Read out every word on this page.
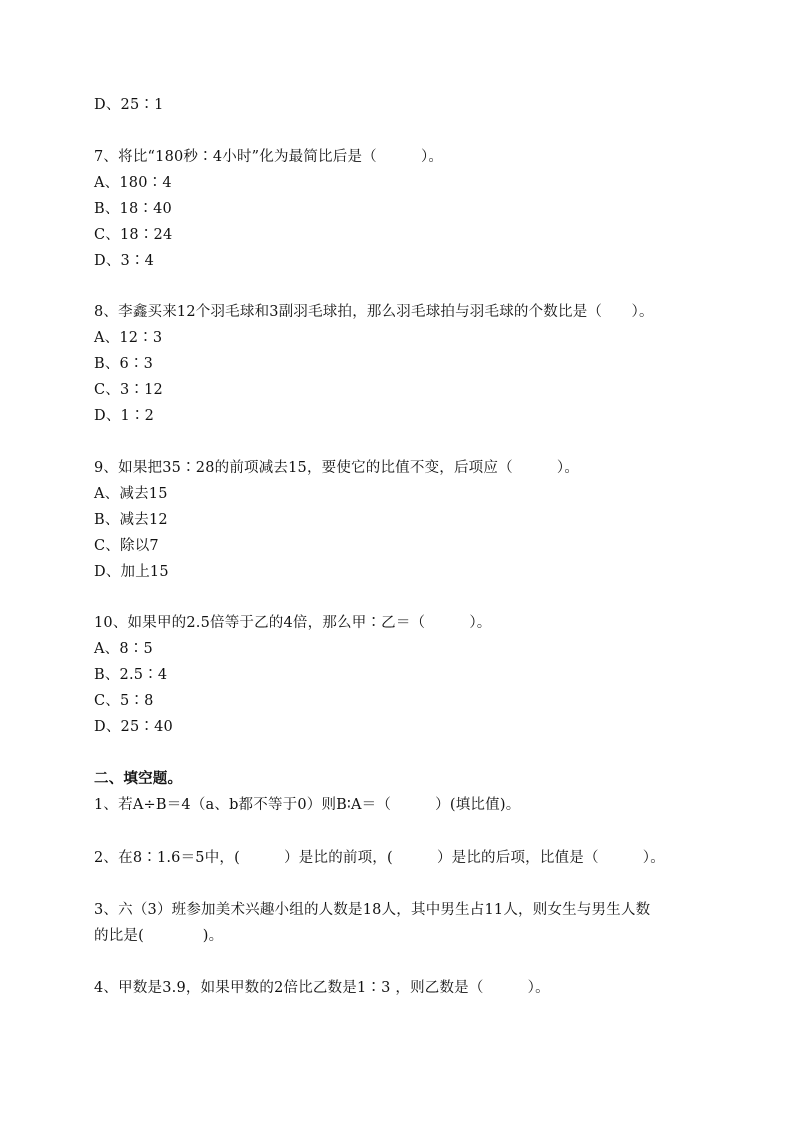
D、25∶1
7、将比“180秒∶4小时”化为最简比后是（　　　）。
A、180∶4
B、18∶40
C、18∶24
D、3∶4
8、李鑫买来12个羽毛球和3副羽毛球拍，那么羽毛球拍与羽毛球的个数比是（　　）。
A、12∶3
B、6∶3
C、3∶12
D、1∶2
9、如果把35∶28的前项减去15，要使它的比值不变，后项应（　　　）。
A、减去15
B、减去12
C、除以7
D、加上15
10、如果甲的2.5倍等于乙的4倍，那么甲∶乙＝（　　　）。
A、8∶5
B、2.5∶4
C、5∶8
D、25∶40
二、填空题。
1、若A÷B＝4（a、b都不等于0）则B∶A＝（　　　）(填比值)。
2、在8∶1.6＝5中，(　　　）是比的前项，(　　　）是比的后项，比值是（　　　）。
3、六（3）班参加美术兴趣小组的人数是18人，其中男生占11人，则女生与男生人数
的比是(　　　　)。
4、甲数是3.9，如果甲数的2倍比乙数是1∶3 ，则乙数是（　　　）。
